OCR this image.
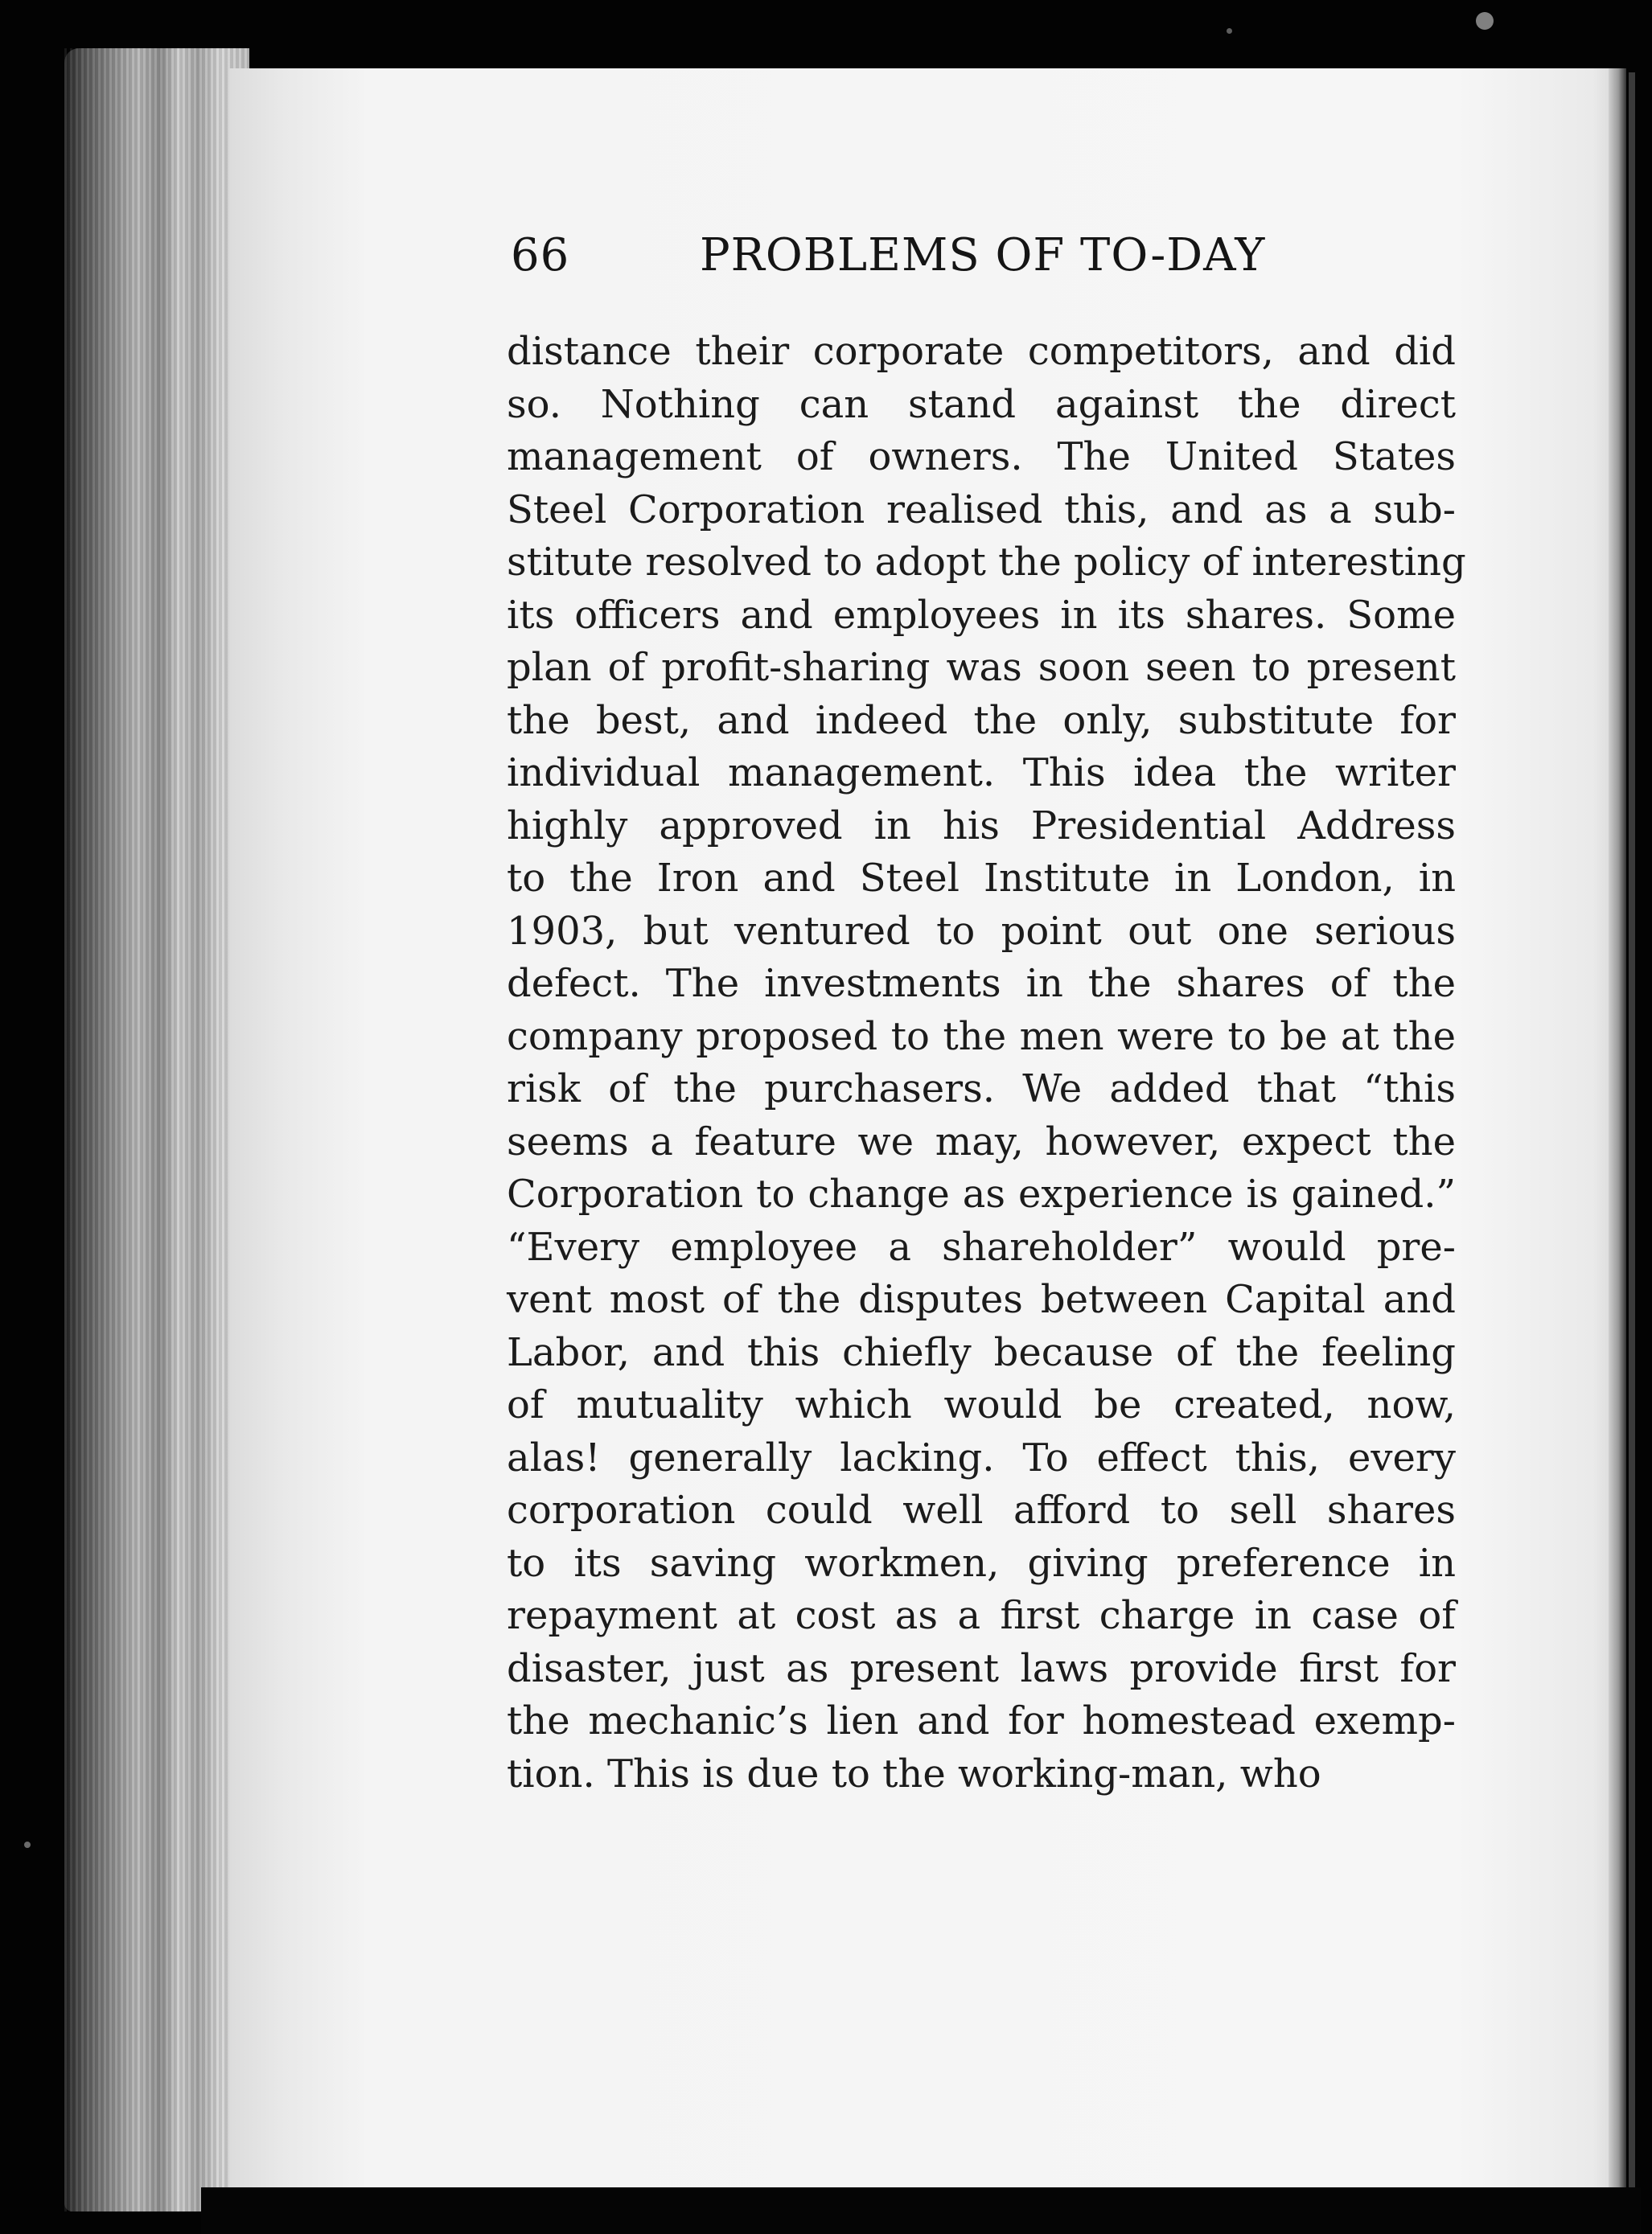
66	PROBLEMS OF TO-DAY
distance their corporate competitors, and did
so. Nothing can stand against the direct
management of owners. The United States
Steel Corporation realised this, and as a sub-
stitute resolved to adopt the policy of interesting
its officers and employees in its shares. Some
plan of profit-sharing was soon seen to present
the best, and indeed the only, substitute for
individual management. This idea the writer
highly approved in his Presidential Address
to the Iron and Steel Institute in London, in
1903, but ventured to point out one serious
defect. The investments in the shares of the
company proposed to the men were to be at the
risk of the purchasers. We added that “this
seems a feature we may, however, expect the
Corporation to change as experience is gained.”
“Every employee a shareholder” would pre-
vent most of the disputes between Capital and
Labor, and this chiefly because of the feeling
of mutuality which would be created, now,
alas! generally lacking. To effect this, every
corporation could well afford to sell shares
to its saving workmen, giving preference in
repayment at cost as a first charge in case of
disaster, just as present laws provide first for
the mechanic’s lien and for homestead exemp-
tion. This is due to the working-man, who
